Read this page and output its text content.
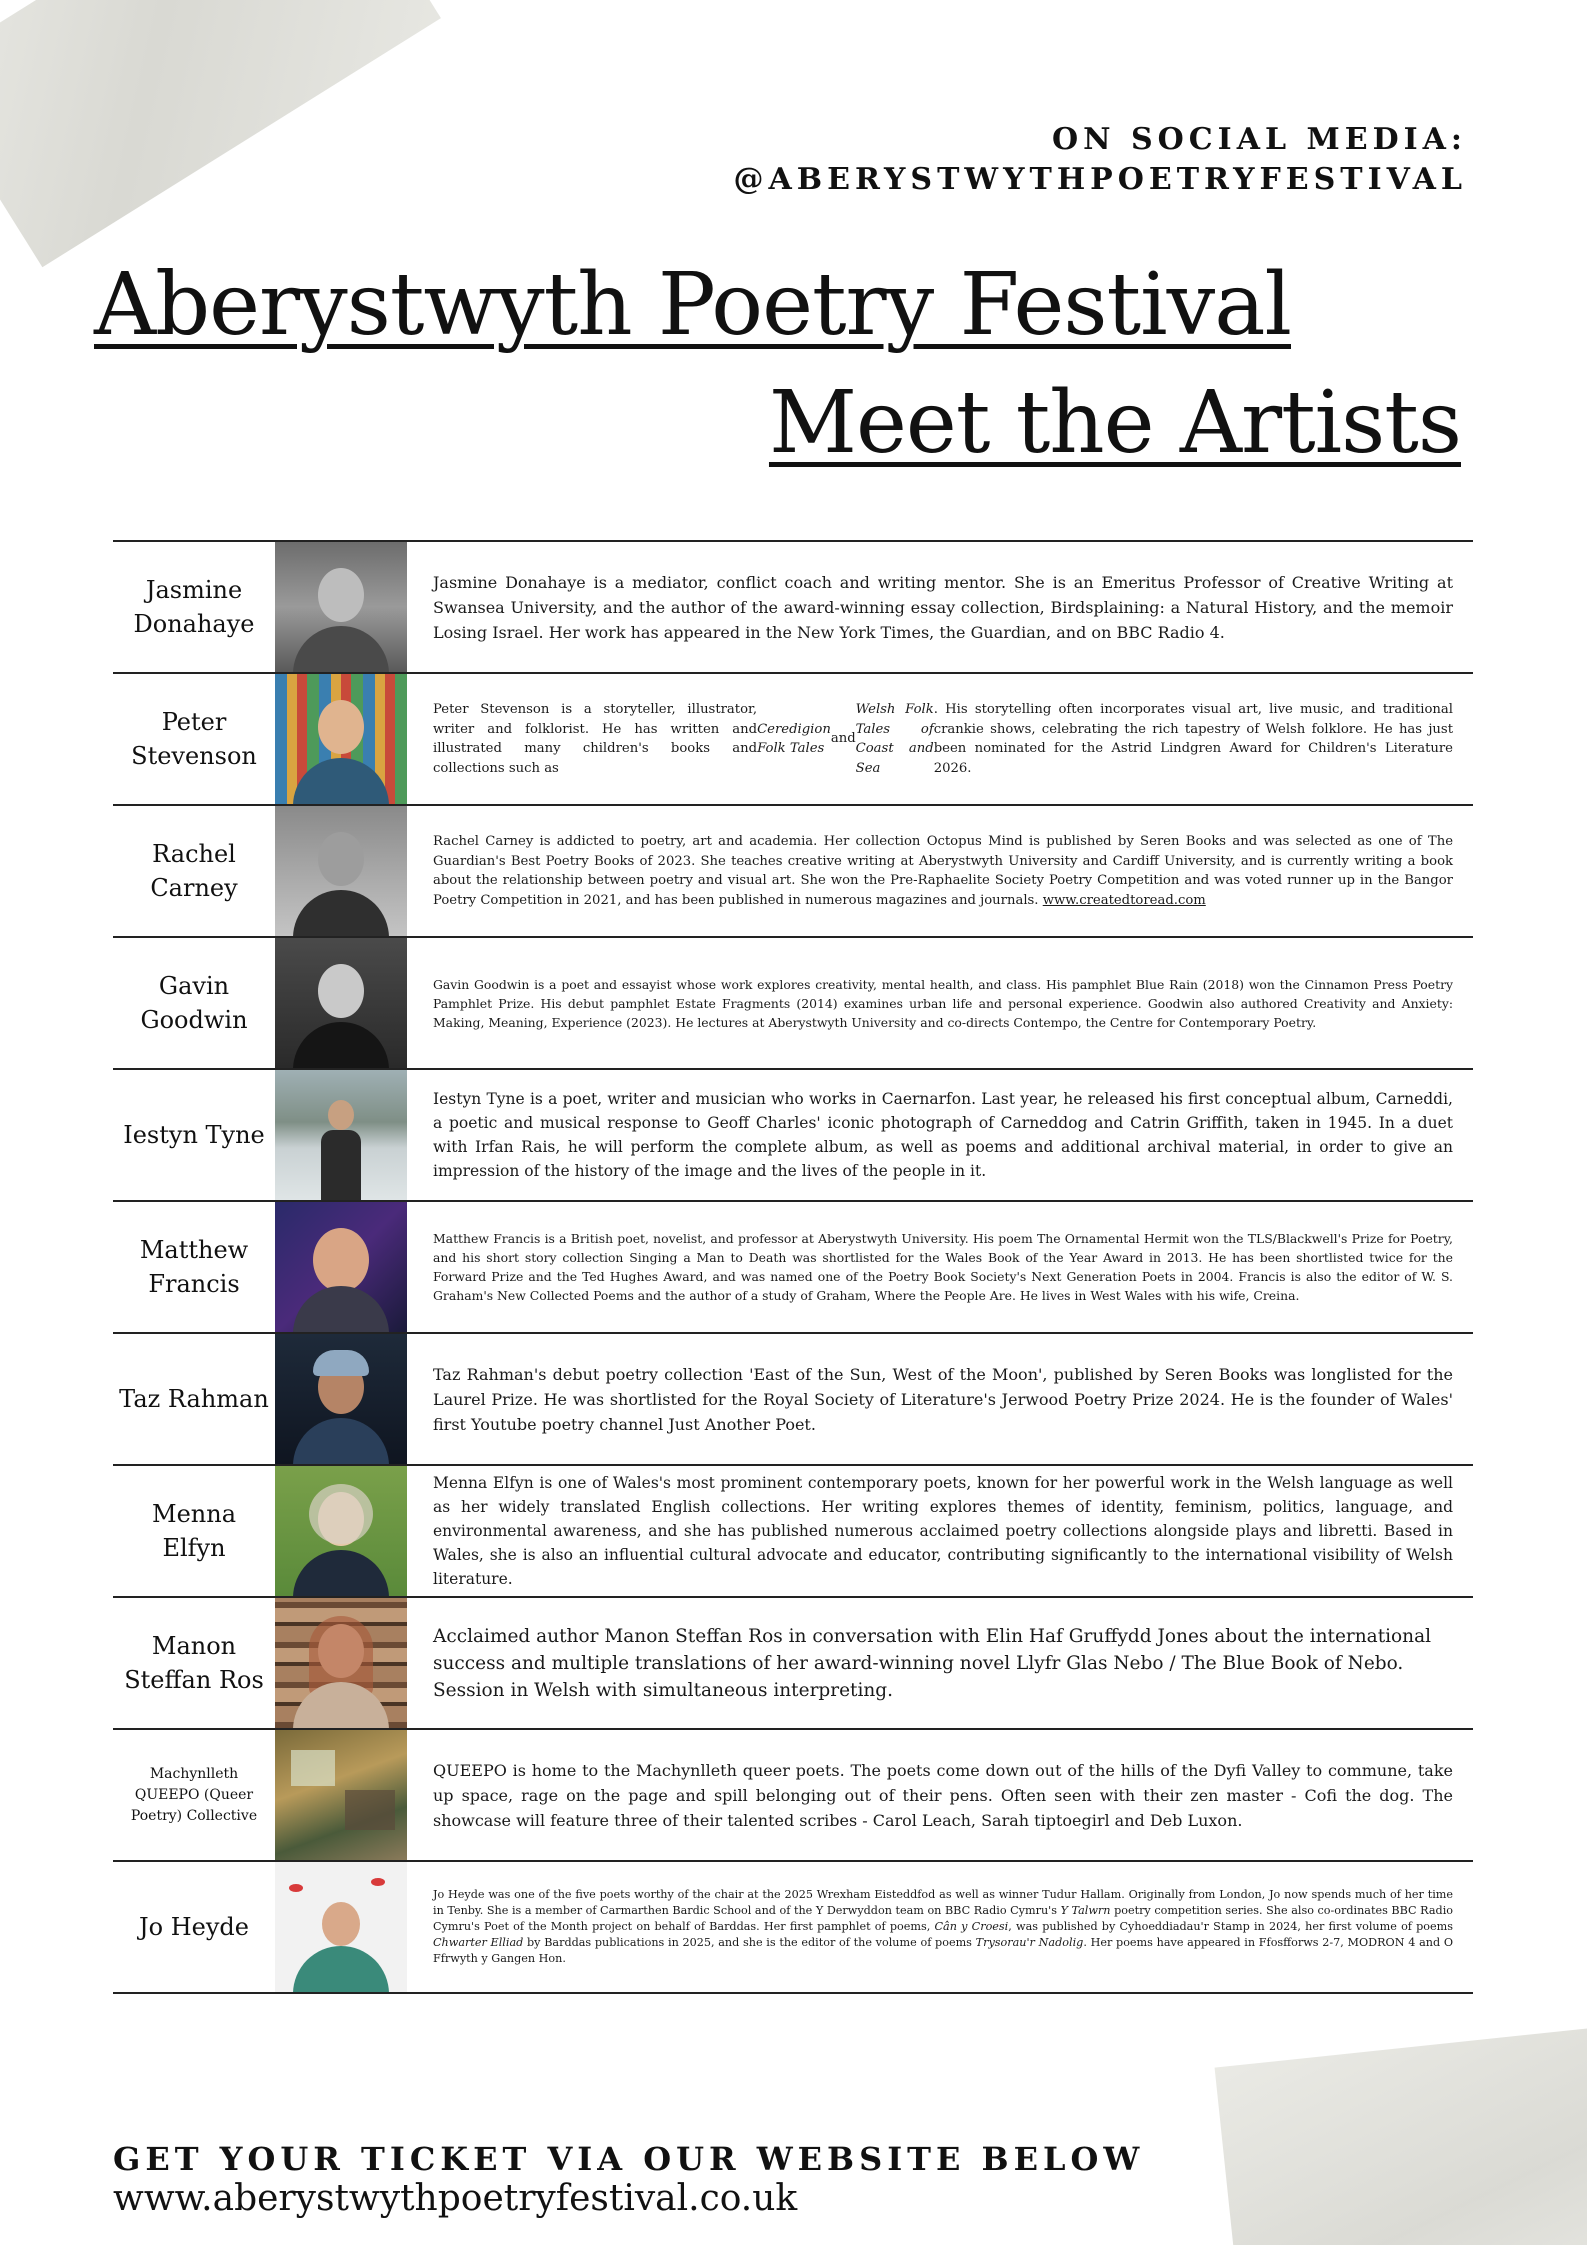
ON SOCIAL MEDIA:
@ABERYSTWYTHPOETRYFESTIVAL
Aberystwyth Poetry Festival
Meet the Artists
Jasmine Donahaye
Jasmine Donahaye is a mediator, conflict coach and writing mentor. She is an Emeritus Professor of Creative Writing at Swansea University, and the author of the award-winning essay collection, Birdsplaining: a Natural History, and the memoir Losing Israel. Her work has appeared in the New York Times, the Guardian, and on BBC Radio 4.
Peter Stevenson
Peter Stevenson is a storyteller, illustrator, writer and folklorist. He has written and illustrated many children's books and collections such as
Ceredigion Folk Tales
and
Welsh Folk Tales of Coast and Sea
. His storytelling often incorporates visual art, live music, and traditional crankie shows, celebrating the rich tapestry of Welsh folklore. He has just been nominated for the Astrid Lindgren Award for Children's Literature 2026.
Rachel Carney
Rachel Carney is addicted to poetry, art and academia. Her collection Octopus Mind is published by Seren Books and was selected as one of The Guardian's Best Poetry Books of 2023. She teaches creative writing at Aberystwyth University and Cardiff University, and is currently writing a book about the relationship between poetry and visual art. She won the Pre-Raphaelite Society Poetry Competition and was voted runner up in the Bangor Poetry Competition in 2021, and has been published in numerous magazines and journals. www.createdtoread.com
Gavin Goodwin
Gavin Goodwin is a poet and essayist whose work explores creativity, mental health, and class. His pamphlet Blue Rain (2018) won the Cinnamon Press Poetry Pamphlet Prize. His debut pamphlet Estate Fragments (2014) examines urban life and personal experience. Goodwin also authored Creativity and Anxiety: Making, Meaning, Experience (2023). He lectures at Aberystwyth University and co-directs Contempo, the Centre for Contemporary Poetry.
Iestyn Tyne
Iestyn Tyne is a poet, writer and musician who works in Caernarfon. Last year, he released his first conceptual album, Carneddi, a poetic and musical response to Geoff Charles' iconic photograph of Carneddog and Catrin Griffith, taken in 1945. In a duet with Irfan Rais, he will perform the complete album, as well as poems and additional archival material, in order to give an impression of the history of the image and the lives of the people in it.
Matthew Francis
Matthew Francis is a British poet, novelist, and professor at Aberystwyth University. His poem The Ornamental Hermit won the TLS/Blackwell's Prize for Poetry, and his short story collection Singing a Man to Death was shortlisted for the Wales Book of the Year Award in 2013. He has been shortlisted twice for the Forward Prize and the Ted Hughes Award, and was named one of the Poetry Book Society's Next Generation Poets in 2004. Francis is also the editor of W. S. Graham's New Collected Poems and the author of a study of Graham, Where the People Are. He lives in West Wales with his wife, Creina.
Taz Rahman
Taz Rahman's debut poetry collection 'East of the Sun, West of the Moon', published by Seren Books was longlisted for the Laurel Prize. He was shortlisted for the Royal Society of Literature's Jerwood Poetry Prize 2024. He is the founder of Wales' first Youtube poetry channel Just Another Poet.
Menna Elfyn
Menna Elfyn is one of Wales's most prominent contemporary poets, known for her powerful work in the Welsh language as well as her widely translated English collections. Her writing explores themes of identity, feminism, politics, language, and environmental awareness, and she has published numerous acclaimed poetry collections alongside plays and libretti. Based in Wales, she is also an influential cultural advocate and educator, contributing significantly to the international visibility of Welsh literature.
Manon Steffan Ros
Acclaimed author Manon Steffan Ros in conversation with Elin Haf Gruffydd Jones about the international success and multiple translations of her award-winning novel Llyfr Glas Nebo / The Blue Book of Nebo. Session in Welsh with simultaneous interpreting.
Machynlleth QUEEPO (Queer Poetry) Collective
QUEEPO is home to the Machynlleth queer poets. The poets come down out of the hills of the Dyfi Valley to commune, take up space, rage on the page and spill belonging out of their pens. Often seen with their zen master - Cofi the dog. The showcase will feature three of their talented scribes - Carol Leach, Sarah tiptoegirl and Deb Luxon.
Jo Heyde
Jo Heyde was one of the five poets worthy of the chair at the 2025 Wrexham Eisteddfod as well as winner Tudur Hallam. Originally from London, Jo now spends much of her time in Tenby. She is a member of Carmarthen Bardic School and of the Y Derwyddon team on BBC Radio Cymru's Y Talwrn poetry competition series. She also co-ordinates BBC Radio Cymru's Poet of the Month project on behalf of Barddas. Her first pamphlet of poems, Cân y Croesi, was published by Cyhoeddiadau'r Stamp in 2024, her first volume of poems Chwarter Elliad by Barddas publications in 2025, and she is the editor of the volume of poems Trysorau'r Nadolig. Her poems have appeared in Ffosfforws 2-7, MODRON 4 and O Ffrwyth y Gangen Hon.
GET YOUR TICKET VIA OUR WEBSITE BELOW
www.aberystwythpoetryfestival.co.uk
